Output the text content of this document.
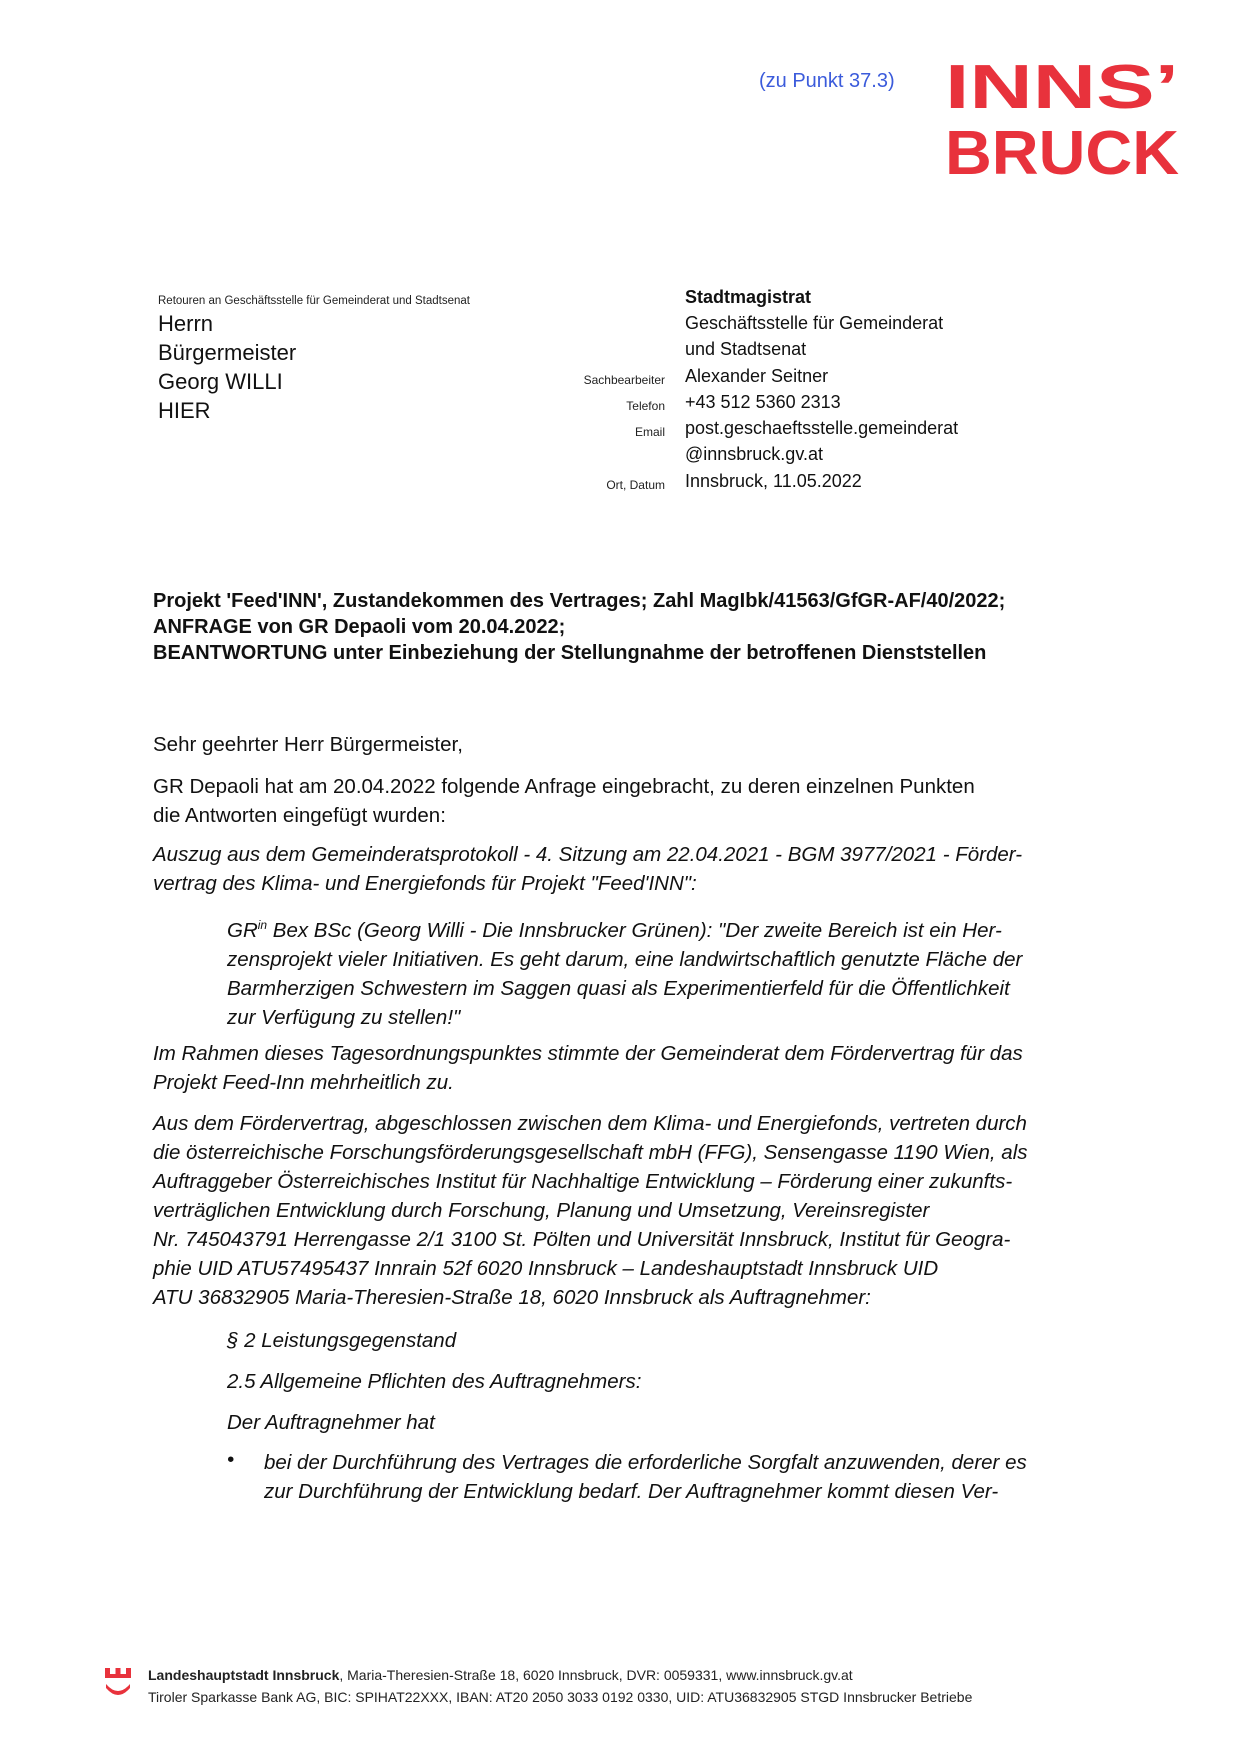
(zu Punkt 37.3) INNS’
BRUCK
Retouren an Geschäftsstelle für Gemeinderat und Stadtsenat
Herrn
Bürgermeister
Georg WILLI
HIER
Stadtmagistrat
Geschäftsstelle für Gemeinderat
und Stadtsenat
Sachbearbeiter Alexander Seitner
Telefon +43 512 5360 2313
Email post.geschaeftsstelle.gemeinderat
@innsbruck.gv.at
Ort, Datum Innsbruck, 11.05.2022
Projekt 'Feed'INN', Zustandekommen des Vertrages; Zahl MagIbk/41563/GfGR-AF/40/2022;
ANFRAGE von GR Depaoli vom 20.04.2022;
BEANTWORTUNG unter Einbeziehung der Stellungnahme der betroffenen Dienststellen
Sehr geehrter Herr Bürgermeister,
GR Depaoli hat am 20.04.2022 folgende Anfrage eingebracht, zu deren einzelnen Punkten
die Antworten eingefügt wurden:
Auszug aus dem Gemeinderatsprotokoll - 4. Sitzung am 22.04.2021 - BGM 3977/2021 - Förder-
vertrag des Klima- und Energiefonds für Projekt "Feed'INN":
$GR^{in}$ Bex BSc (Georg Willi - Die Innsbrucker Grünen): "Der zweite Bereich ist ein Her-
zensprojekt vieler Initiativen. Es geht darum, eine landwirtschaftlich genutzte Fläche der
Barmherzigen Schwestern im Saggen quasi als Experimentierfeld für die Öffentlichkeit
zur Verfügung zu stellen!"
Im Rahmen dieses Tagesordnungspunktes stimmte der Gemeinderat dem Fördervertrag für das
Projekt Feed-Inn mehrheitlich zu.
Aus dem Fördervertrag, abgeschlossen zwischen dem Klima- und Energiefonds, vertreten durch
die österreichische Forschungsförderungsgesellschaft mbH (FFG), Sensengasse 1190 Wien, als
Auftraggeber Österreichisches Institut für Nachhaltige Entwicklung – Förderung einer zukunfts-
verträglichen Entwicklung durch Forschung, Planung und Umsetzung, Vereinsregister
Nr. 745043791 Herrengasse 2/1 3100 St. Pölten und Universität Innsbruck, Institut für Geogra-
phie UID ATU57495437 Innrain 52f 6020 Innsbruck – Landeshauptstadt Innsbruck UID
ATU 36832905 Maria-Theresien-Straße 18, 6020 Innsbruck als Auftragnehmer:
§ 2 Leistungsgegenstand
2.5 Allgemeine Pflichten des Auftragnehmers:
Der Auftragnehmer hat
• bei der Durchführung des Vertrages die erforderliche Sorgfalt anzuwenden, derer es
zur Durchführung der Entwicklung bedarf. Der Auftragnehmer kommt diesen Ver-
Landeshauptstadt Innsbruck, Maria-Theresien-Straße 18, 6020 Innsbruck, DVR: 0059331, www.innsbruck.gv.at
Tiroler Sparkasse Bank AG, BIC: SPIHAT22XXX, IBAN: AT20 2050 3033 0192 0330, UID: ATU36832905 STGD Innsbrucker Betriebe
